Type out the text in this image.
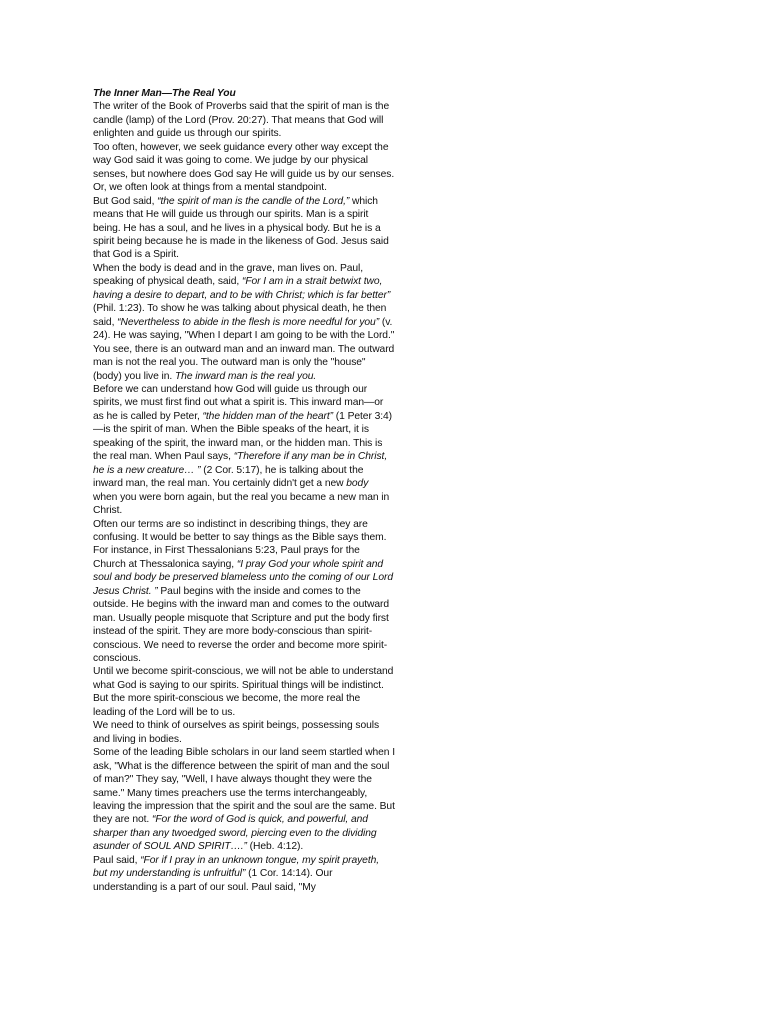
The Inner Man—The Real You

The writer of the Book of Proverbs said that the spirit of man is the candle (lamp) of the Lord (Prov. 20:27). That means that God will enlighten and guide us through our spirits.

Too often, however, we seek guidance every other way except the way God said it was going to come. We judge by our physical senses, but nowhere does God say He will guide us by our senses. Or, we often look at things from a mental standpoint.

But God said, “the spirit of man is the candle of the Lord,” which means that He will guide us through our spirits. Man is a spirit being. He has a soul, and he lives in a physical body. But he is a spirit being because he is made in the likeness of God. Jesus said that God is a Spirit.

When the body is dead and in the grave, man lives on. Paul, speaking of physical death, said, “For I am in a strait betwixt two, having a desire to depart, and to be with Christ; which is far better” (Phil. 1:23). To show he was talking about physical death, he then said, “Nevertheless to abide in the flesh is more needful for you” (v. 24). He was saying, "When I depart I am going to be with the Lord."

You see, there is an outward man and an inward man. The outward man is not the real you. The outward man is only the "house" (body) you live in. The inward man is the real you.

Before we can understand how God will guide us through our spirits, we must first find out what a spirit is. This inward man—or as he is called by Peter, “the hidden man of the heart” (1 Peter 3:4)—is the spirit of man. When the Bible speaks of the heart, it is speaking of the spirit, the inward man, or the hidden man. This is the real man. When Paul says, “Therefore if any man be in Christ, he is a new creature… ” (2 Cor. 5:17), he is talking about the inward man, the real man. You certainly didn't get a new body when you were born again, but the real you became a new man in Christ.

Often our terms are so indistinct in describing things, they are confusing. It would be better to say things as the Bible says them. For instance, in First Thessalonians 5:23, Paul prays for the Church at Thessalonica saying, “I pray God your whole spirit and soul and body be preserved blameless unto the coming of our Lord Jesus Christ. ” Paul begins with the inside and comes to the outside. He begins with the inward man and comes to the outward man. Usually people misquote that Scripture and put the body first instead of the spirit. They are more body-conscious than spirit-conscious. We need to reverse the order and become more spirit-conscious.

Until we become spirit-conscious, we will not be able to understand what God is saying to our spirits. Spiritual things will be indistinct. But the more spirit-conscious we become, the more real the leading of the Lord will be to us.

We need to think of ourselves as spirit beings, possessing souls and living in bodies.

Some of the leading Bible scholars in our land seem startled when I ask, "What is the difference between the spirit of man and the soul of man?" They say, "Well, I have always thought they were the same." Many times preachers use the terms interchangeably, leaving the impression that the spirit and the soul are the same. But they are not. “For the word of God is quick, and powerful, and sharper than any twoedged sword, piercing even to the dividing asunder of SOUL AND SPIRIT….” (Heb. 4:12).

Paul said, “For if I pray in an unknown tongue, my spirit prayeth, but my understanding is unfruitful” (1 Cor. 14:14). Our understanding is a part of our soul. Paul said, "My
